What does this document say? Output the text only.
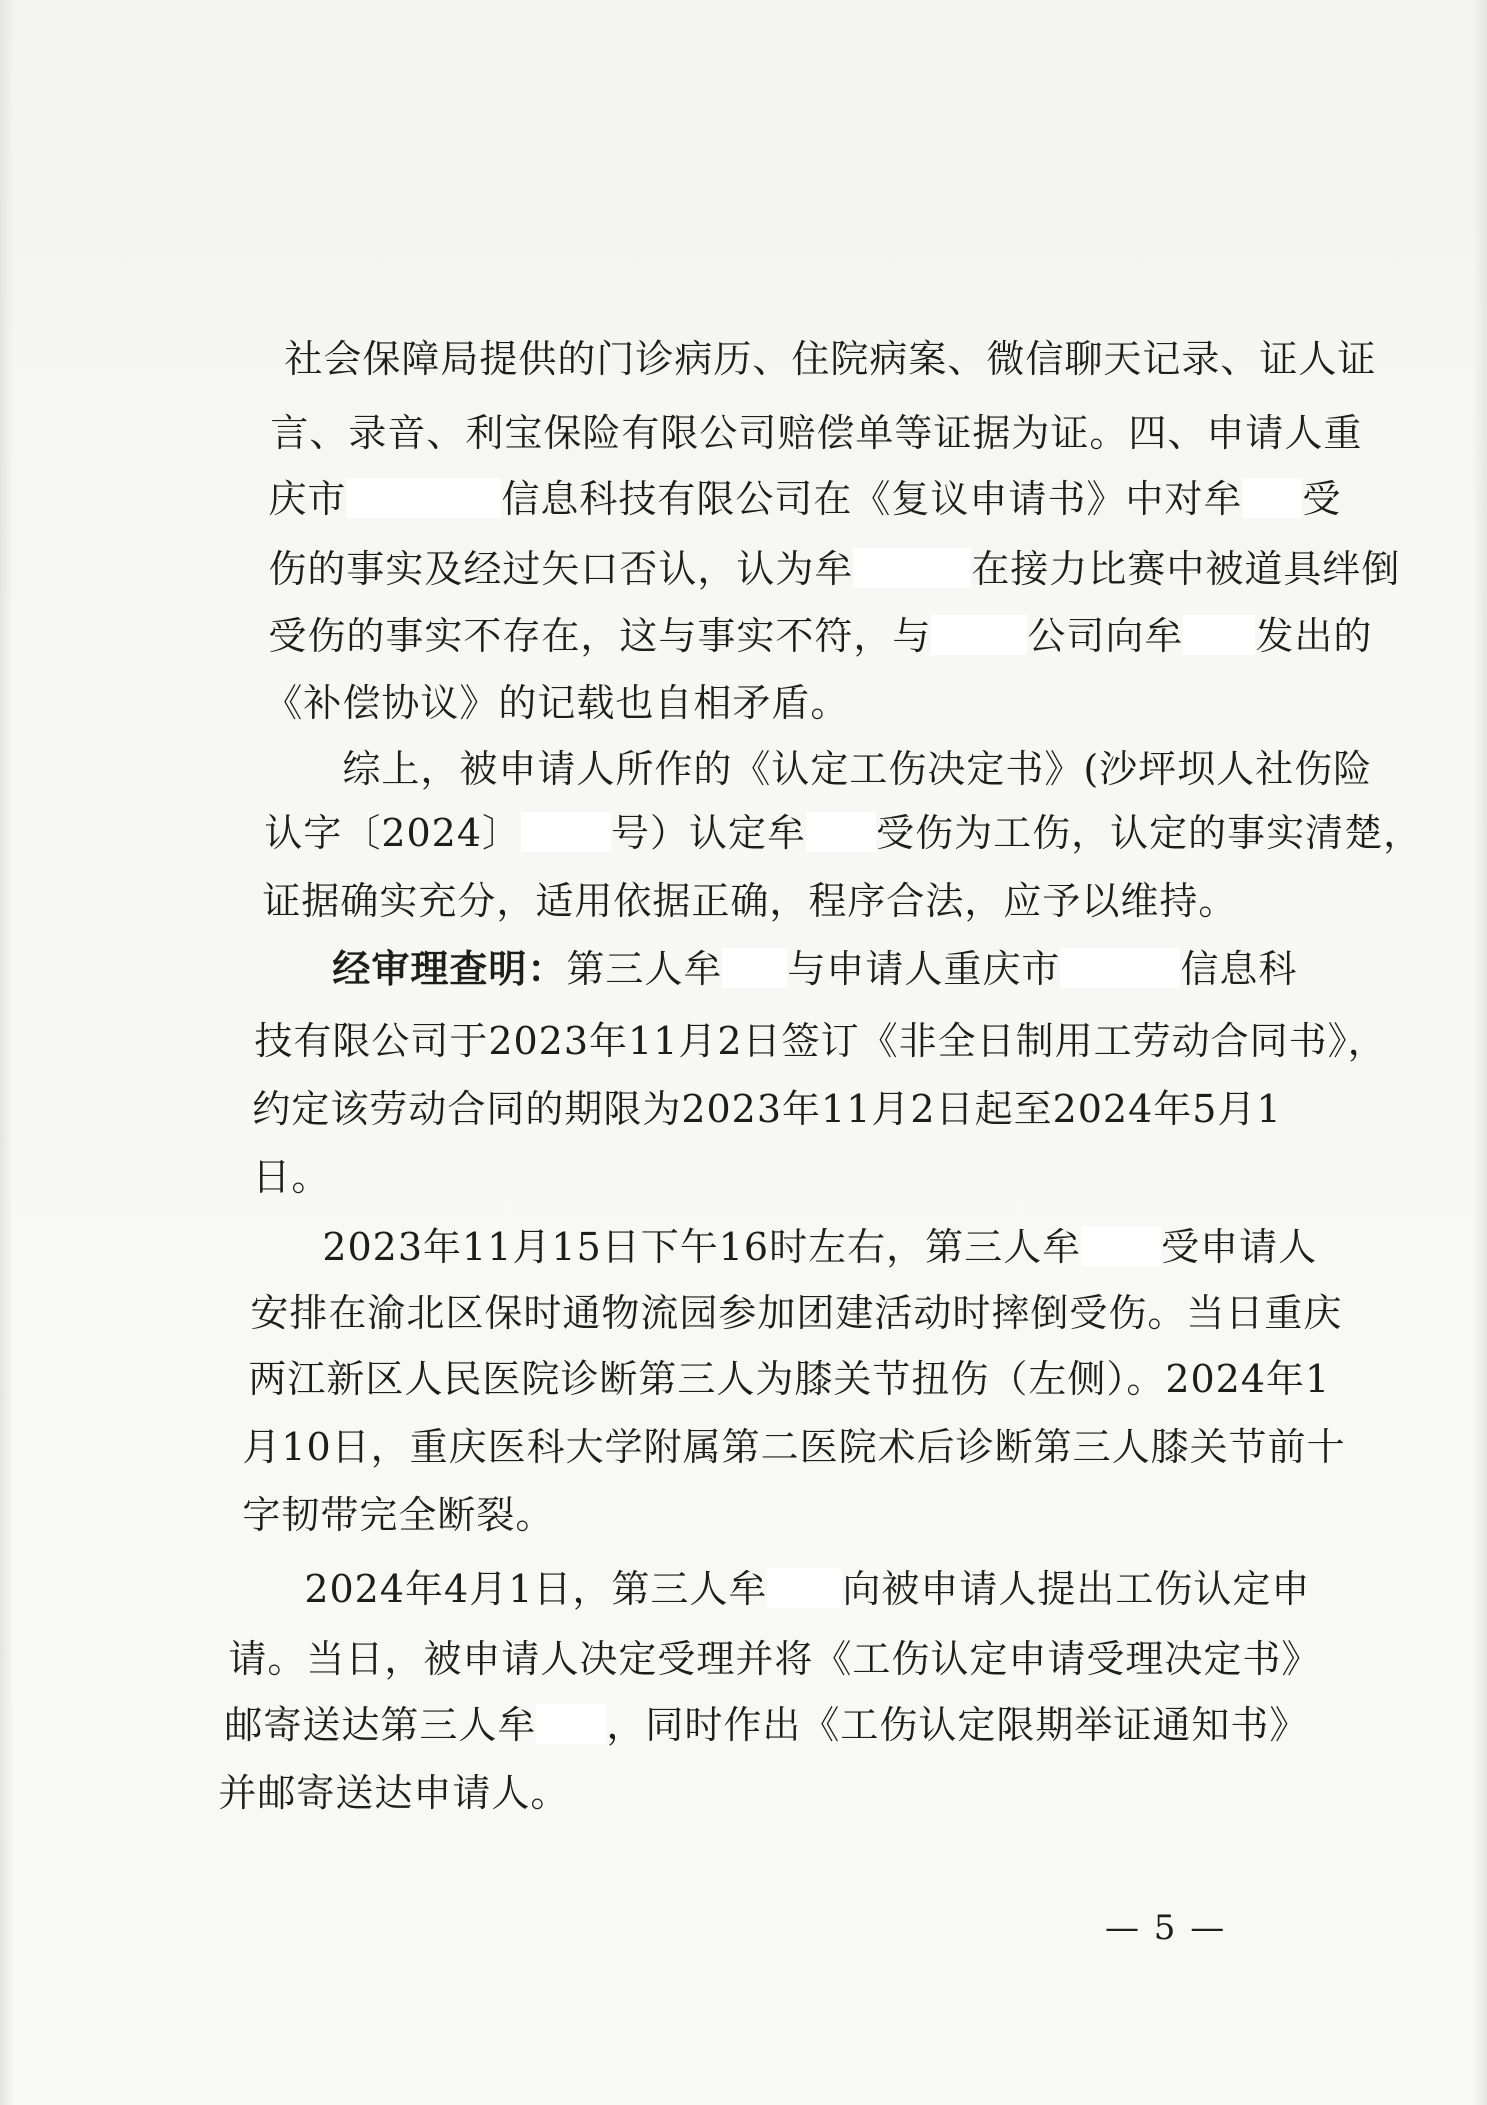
社会保障局提供的门诊病历、住院病案、微信聊天记录、证人证

言、录音、利宝保险有限公司赔偿单等证据为证。四、申请人重

庆市	信息科技有限公司在《复议申请书》中对牟 受

伤的事实及经过矢口否认，认为牟	在接力比赛中被道具绊倒

受伤的事实不存在，这与事实不符，与	公司向牟 发出的

《补偿协议》的记载也自相矛盾。

综上，被申请人所作的《认定工伤决定书》(沙坪坝人社伤险

认字〔2024〕 号）认定牟 受伤为工伤，认定的事实清楚，

证据确实充分，适用依据正确，程序合法，应予以维持。

经审理查明：第三人牟 与申请人重庆市	信息科

技有限公司于2023年11月2日签订《非全日制用工劳动合同书》，

约定该劳动合同的期限为2023年11月2日起至2024年5月1

日。

2023年11月15日下午16时左右，第三人牟 受申请人

安排在渝北区保时通物流园参加团建活动时摔倒受伤。当日重庆

两江新区人民医院诊断第三人为膝关节扭伤（左侧）。2024年1

月10日，重庆医科大学附属第二医院术后诊断第三人膝关节前十

字韧带完全断裂。

2024年4月1日，第三人牟 向被申请人提出工伤认定申

请。当日，被申请人决定受理并将《工伤认定申请受理决定书》

邮寄送达第三人牟 ，同时作出《工伤认定限期举证通知书》

并邮寄送达申请人。

— 5 —
